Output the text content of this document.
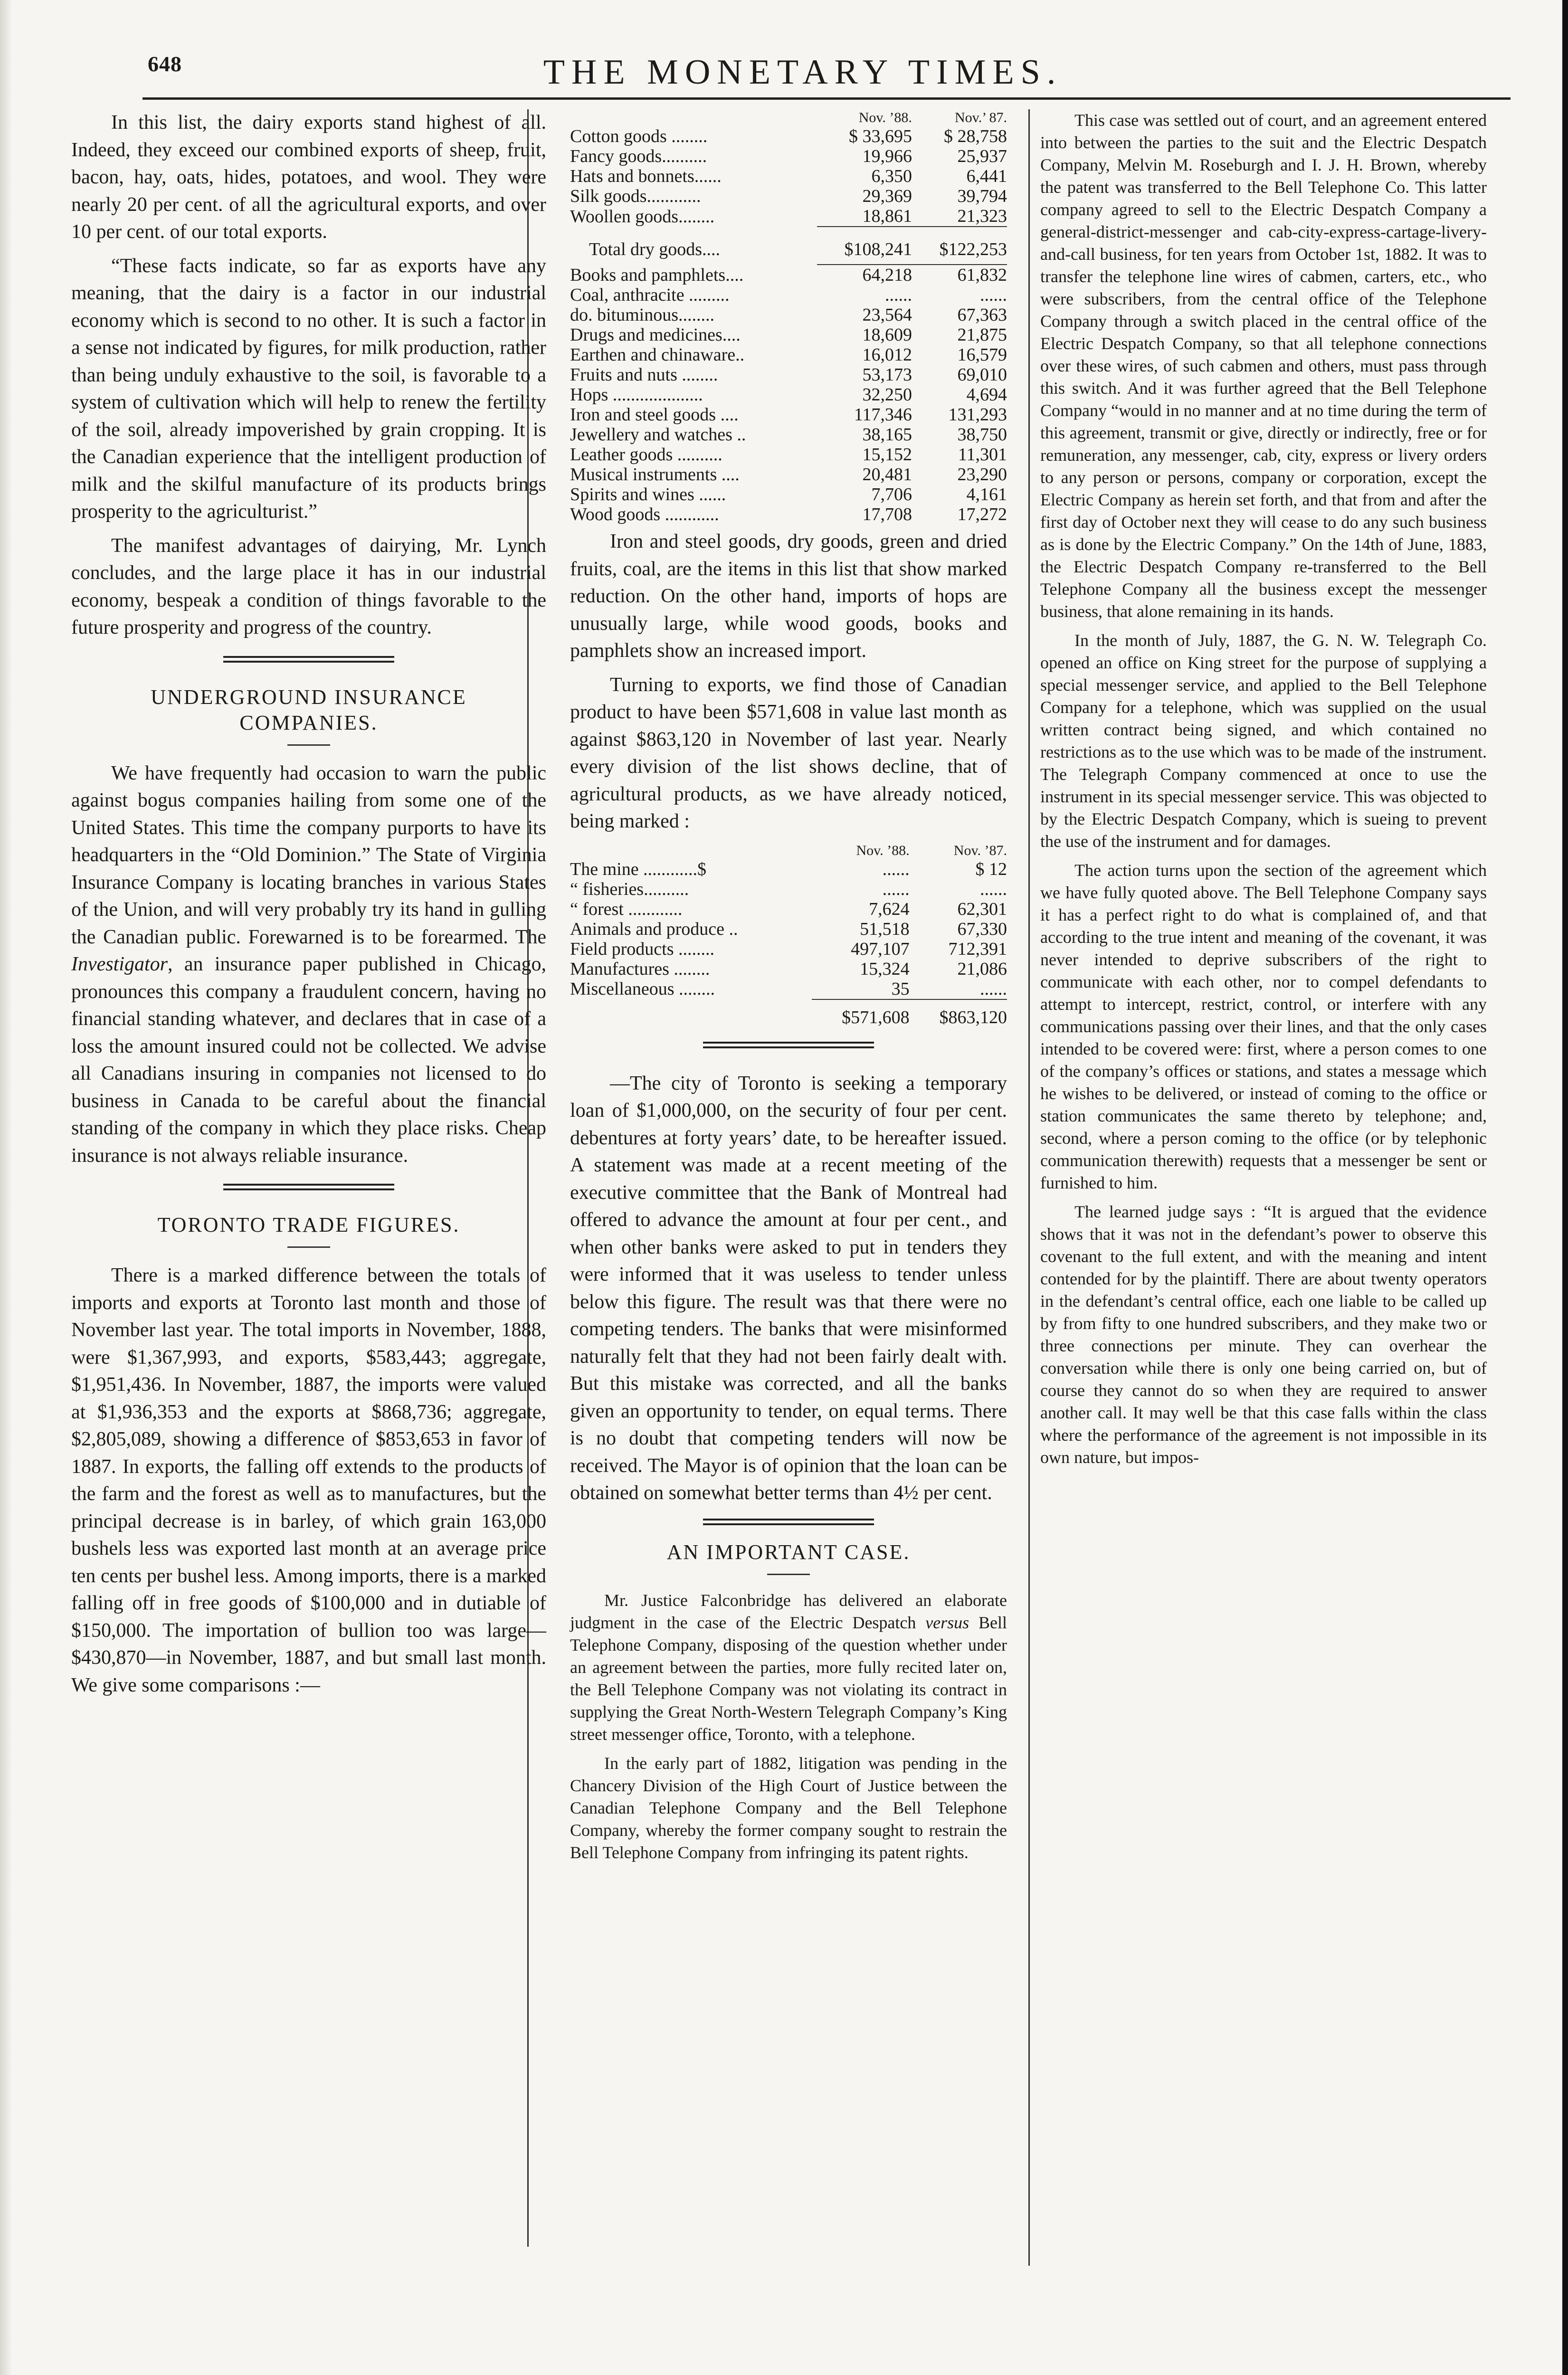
648	THE MONETARY TIMES.

In this list, the dairy exports stand highest of all. Indeed, they exceed our combined exports of sheep, fruit, bacon, hay, oats, hides, potatoes, and wool. They were nearly 20 per cent. of all the agricultural exports, and over 10 per cent. of our total exports.

“These facts indicate, so far as exports have any meaning, that the dairy is a factor in our industrial economy which is second to no other. It is such a factor in a sense not indicated by figures, for milk production, rather than being unduly exhaustive to the soil, is favorable to a system of cultivation which will help to renew the fertility of the soil, already impoverished by grain cropping. It is the Canadian experience that the intelligent production of milk and the skilful manufacture of its products brings prosperity to the agriculturist.”

The manifest advantages of dairying, Mr. Lynch concludes, and the large place it has in our industrial economy, bespeak a condition of things favorable to the future prosperity and progress of the country.

UNDERGROUND INSURANCE COMPANIES.

We have frequently had occasion to warn the public against bogus companies hailing from some one of the United States. This time the company purports to have its headquarters in the “Old Dominion.” The State of Virginia Insurance Company is locating branches in various States of the Union, and will very probably try its hand in gulling the Canadian public. Forewarned is to be forearmed. The Investigator, an insurance paper published in Chicago, pronounces this company a fraudulent concern, having no financial standing whatever, and declares that in case of a loss the amount insured could not be collected. We advise all Canadians insuring in companies not licensed to do business in Canada to be careful about the financial standing of the company in which they place risks. Cheap insurance is not always reliable insurance.

TORONTO TRADE FIGURES.

There is a marked difference between the totals of imports and exports at Toronto last month and those of November last year. The total imports in November, 1888, were $1,367,993, and exports, $583,443; aggregate, $1,951,436. In November, 1887, the imports were valued at $1,936,353 and the exports at $868,736; aggregate, $2,805,089, showing a difference of $853,653 in favor of 1887. In exports, the falling off extends to the products of the farm and the forest as well as to manufactures, but the principal decrease is in barley, of which grain 163,000 bushels less was exported last month at an average price ten cents per bushel less. Among imports, there is a marked falling off in free goods of $100,000 and in dutiable of $150,000. The importation of bullion too was large—$430,870—in November, 1887, and but small last month. We give some comparisons :—

	Nov. ’88.	Nov.’ 87.
Cotton goods ........	$ 33,695	$ 28,758
Fancy goods..........	19,966	25,937
Hats and bonnets......	6,350	6,441
Silk goods............	29,369	39,794
Woollen goods........	18,861	21,323
Total dry goods....	$108,241	$122,253
Books and pamphlets....	64,218	61,832
Coal, anthracite .........	......	......
do. bituminous........	23,564	67,363
Drugs and medicines....	18,609	21,875
Earthen and chinaware..	16,012	16,579
Fruits and nuts ........	53,173	69,010
Hops ....................	32,250	4,694
Iron and steel goods ....	117,346	131,293
Jewellery and watches ..	38,165	38,750
Leather goods ..........	15,152	11,301
Musical instruments ....	20,481	23,290
Spirits and wines ......	7,706	4,161
Wood goods ............	17,708	17,272

Iron and steel goods, dry goods, green and dried fruits, coal, are the items in this list that show marked reduction. On the other hand, imports of hops are unusually large, while wood goods, books and pamphlets show an increased import.

Turning to exports, we find those of Canadian product to have been $571,608 in value last month as against $863,120 in November of last year. Nearly every division of the list shows decline, that of agricultural products, as we have already noticed, being marked :

	Nov. ’88.	Nov. ’87.
The mine ............$	......	$ 12
“ fisheries..........	......	......
“ forest ............	7,624	62,301
Animals and produce ..	51,518	67,330
Field products ........	497,107	712,391
Manufactures ........	15,324	21,086
Miscellaneous ........	35	......
	$571,608	$863,120

—The city of Toronto is seeking a temporary loan of $1,000,000, on the security of four per cent. debentures at forty years’ date, to be hereafter issued. A statement was made at a recent meeting of the executive committee that the Bank of Montreal had offered to advance the amount at four per cent., and when other banks were asked to put in tenders they were informed that it was useless to tender unless below this figure. The result was that there were no competing tenders. The banks that were misinformed naturally felt that they had not been fairly dealt with. But this mistake was corrected, and all the banks given an opportunity to tender, on equal terms. There is no doubt that competing tenders will now be received. The Mayor is of opinion that the loan can be obtained on somewhat better terms than 4½ per cent.

AN IMPORTANT CASE.

Mr. Justice Falconbridge has delivered an elaborate judgment in the case of the Electric Despatch versus Bell Telephone Company, disposing of the question whether under an agreement between the parties, more fully recited later on, the Bell Telephone Company was not violating its contract in supplying the Great North-Western Telegraph Company’s King street messenger office, Toronto, with a telephone.

In the early part of 1882, litigation was pending in the Chancery Division of the High Court of Justice between the Canadian Telephone Company and the Bell Telephone Company, whereby the former company sought to restrain the Bell Telephone Company from infringing its patent rights.

This case was settled out of court, and an agreement entered into between the parties to the suit and the Electric Despatch Company, Melvin M. Roseburgh and I. J. H. Brown, whereby the patent was transferred to the Bell Telephone Co. This latter company agreed to sell to the Electric Despatch Company a general-district-messenger and cab-city-express-cartage-livery-and-call business, for ten years from October 1st, 1882. It was to transfer the telephone line wires of cabmen, carters, etc., who were subscribers, from the central office of the Telephone Company through a switch placed in the central office of the Electric Despatch Company, so that all telephone connections over these wires, of such cabmen and others, must pass through this switch. And it was further agreed that the Bell Telephone Company “would in no manner and at no time during the term of this agreement, transmit or give, directly or indirectly, free or for remuneration, any messenger, cab, city, express or livery orders to any person or persons, company or corporation, except the Electric Company as herein set forth, and that from and after the first day of October next they will cease to do any such business as is done by the Electric Company.” On the 14th of June, 1883, the Electric Despatch Company re-transferred to the Bell Telephone Company all the business except the messenger business, that alone remaining in its hands.

In the month of July, 1887, the G. N. W. Telegraph Co. opened an office on King street for the purpose of supplying a special messenger service, and applied to the Bell Telephone Company for a telephone, which was supplied on the usual written contract being signed, and which contained no restrictions as to the use which was to be made of the instrument. The Telegraph Company commenced at once to use the instrument in its special messenger service. This was objected to by the Electric Despatch Company, which is sueing to prevent the use of the instrument and for damages.

The action turns upon the section of the agreement which we have fully quoted above. The Bell Telephone Company says it has a perfect right to do what is complained of, and that according to the true intent and meaning of the covenant, it was never intended to deprive subscribers of the right to communicate with each other, nor to compel defendants to attempt to intercept, restrict, control, or interfere with any communications passing over their lines, and that the only cases intended to be covered were: first, where a person comes to one of the company’s offices or stations, and states a message which he wishes to be delivered, or instead of coming to the office or station communicates the same thereto by telephone; and, second, where a person coming to the office (or by telephonic communication therewith) requests that a messenger be sent or furnished to him.

The learned judge says : “It is argued that the evidence shows that it was not in the defendant’s power to observe this covenant to the full extent, and with the meaning and intent contended for by the plaintiff. There are about twenty operators in the defendant’s central office, each one liable to be called up by from fifty to one hundred subscribers, and they make two or three connections per minute. They can overhear the conversation while there is only one being carried on, but of course they cannot do so when they are required to answer another call. It may well be that this case falls within the class where the performance of the agreement is not impossible in its own nature, but impos-
